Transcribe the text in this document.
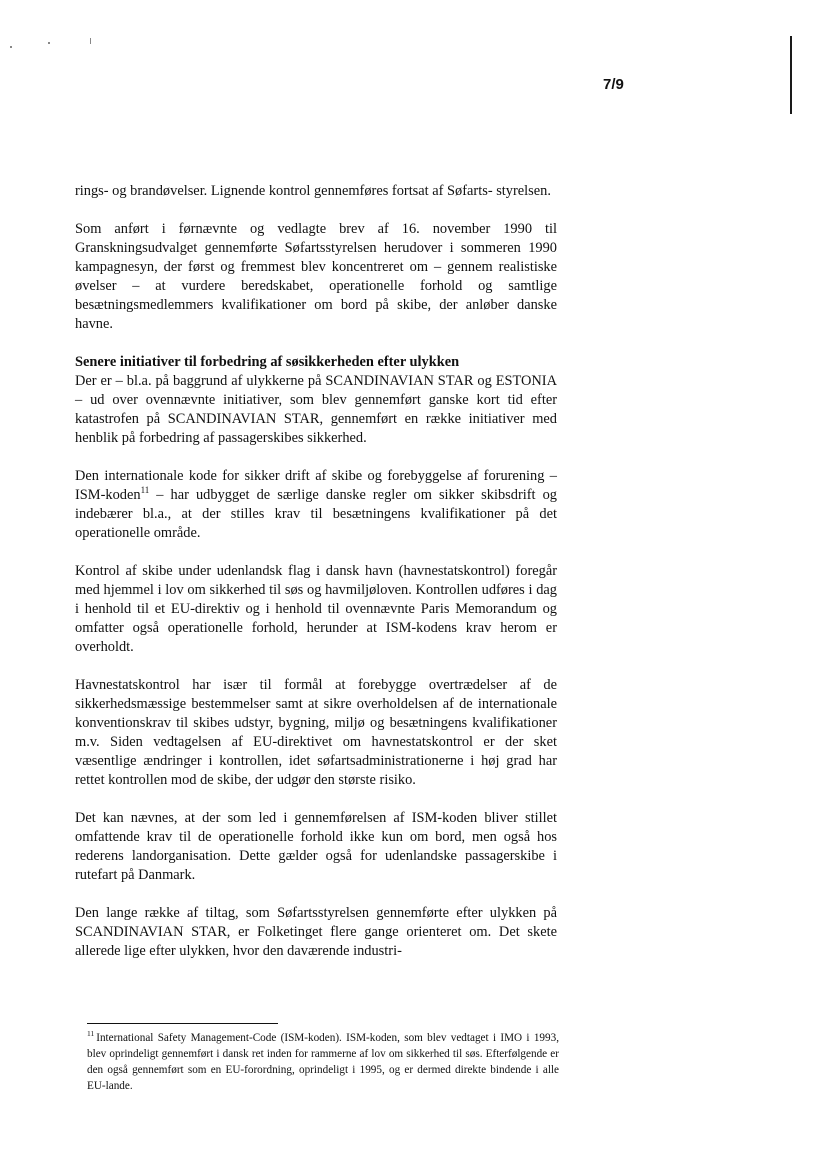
7/9

rings- og brandøvelser. Lignende kontrol gennemføres fortsat af Søfarts- styrelsen.

Som anført i førnævnte og vedlagte brev af 16. november 1990 til Granskningsudvalget gennemførte Søfartsstyrelsen herudover i sommeren 1990 kampagnesyn, der først og fremmest blev koncentreret om – gennem realistiske øvelser – at vurdere beredskabet, operationelle forhold og samtlige besætningsmedlemmers kvalifikationer om bord på skibe, der anløber danske havne.

Senere initiativer til forbedring af søsikkerheden efter ulykken
Der er – bl.a. på baggrund af ulykkerne på SCANDINAVIAN STAR og ESTONIA – ud over ovennævnte initiativer, som blev gennemført ganske kort tid efter katastrofen på SCANDINAVIAN STAR, gennemført en række initiativer med henblik på forbedring af passagerskibes sikkerhed.

Den internationale kode for sikker drift af skibe og forebyggelse af forurening – ISM-koden$^{11}$ – har udbygget de særlige danske regler om sikker skibsdrift og indebærer bl.a., at der stilles krav til besætningens kvalifikationer på det operationelle område.

Kontrol af skibe under udenlandsk flag i dansk havn (havnestatskontrol) foregår med hjemmel i lov om sikkerhed til søs og havmiljøloven. Kontrollen udføres i dag i henhold til et EU-direktiv og i henhold til ovennævnte Paris Memorandum og omfatter også operationelle forhold, herunder at ISM-kodens krav herom er overholdt.

Havnestatskontrol har især til formål at forebygge overtrædelser af de sikkerhedsmæssige bestemmelser samt at sikre overholdelsen af de internationale konventionskrav til skibes udstyr, bygning, miljø og besætningens kvalifikationer m.v. Siden vedtagelsen af EU-direktivet om havnestatskontrol er der sket væsentlige ændringer i kontrollen, idet søfartsadministrationerne i høj grad har rettet kontrollen mod de skibe, der udgør den største risiko.

Det kan nævnes, at der som led i gennemførelsen af ISM-koden bliver stillet omfattende krav til de operationelle forhold ikke kun om bord, men også hos rederens landorganisation. Dette gælder også for udenlandske passagerskibe i rutefart på Danmark.

Den lange række af tiltag, som Søfartsstyrelsen gennemførte efter ulykken på SCANDINAVIAN STAR, er Folketinget flere gange orienteret om. Det skete allerede lige efter ulykken, hvor den daværende industri-

$^{11}$ International Safety Management-Code (ISM-koden). ISM-koden, som blev vedtaget i IMO i 1993, blev oprindeligt gennemført i dansk ret inden for rammerne af lov om sikkerhed til søs. Efterfølgende er den også gennemført som en EU-forordning, oprindeligt i 1995, og er dermed direkte bindende i alle EU-lande.
